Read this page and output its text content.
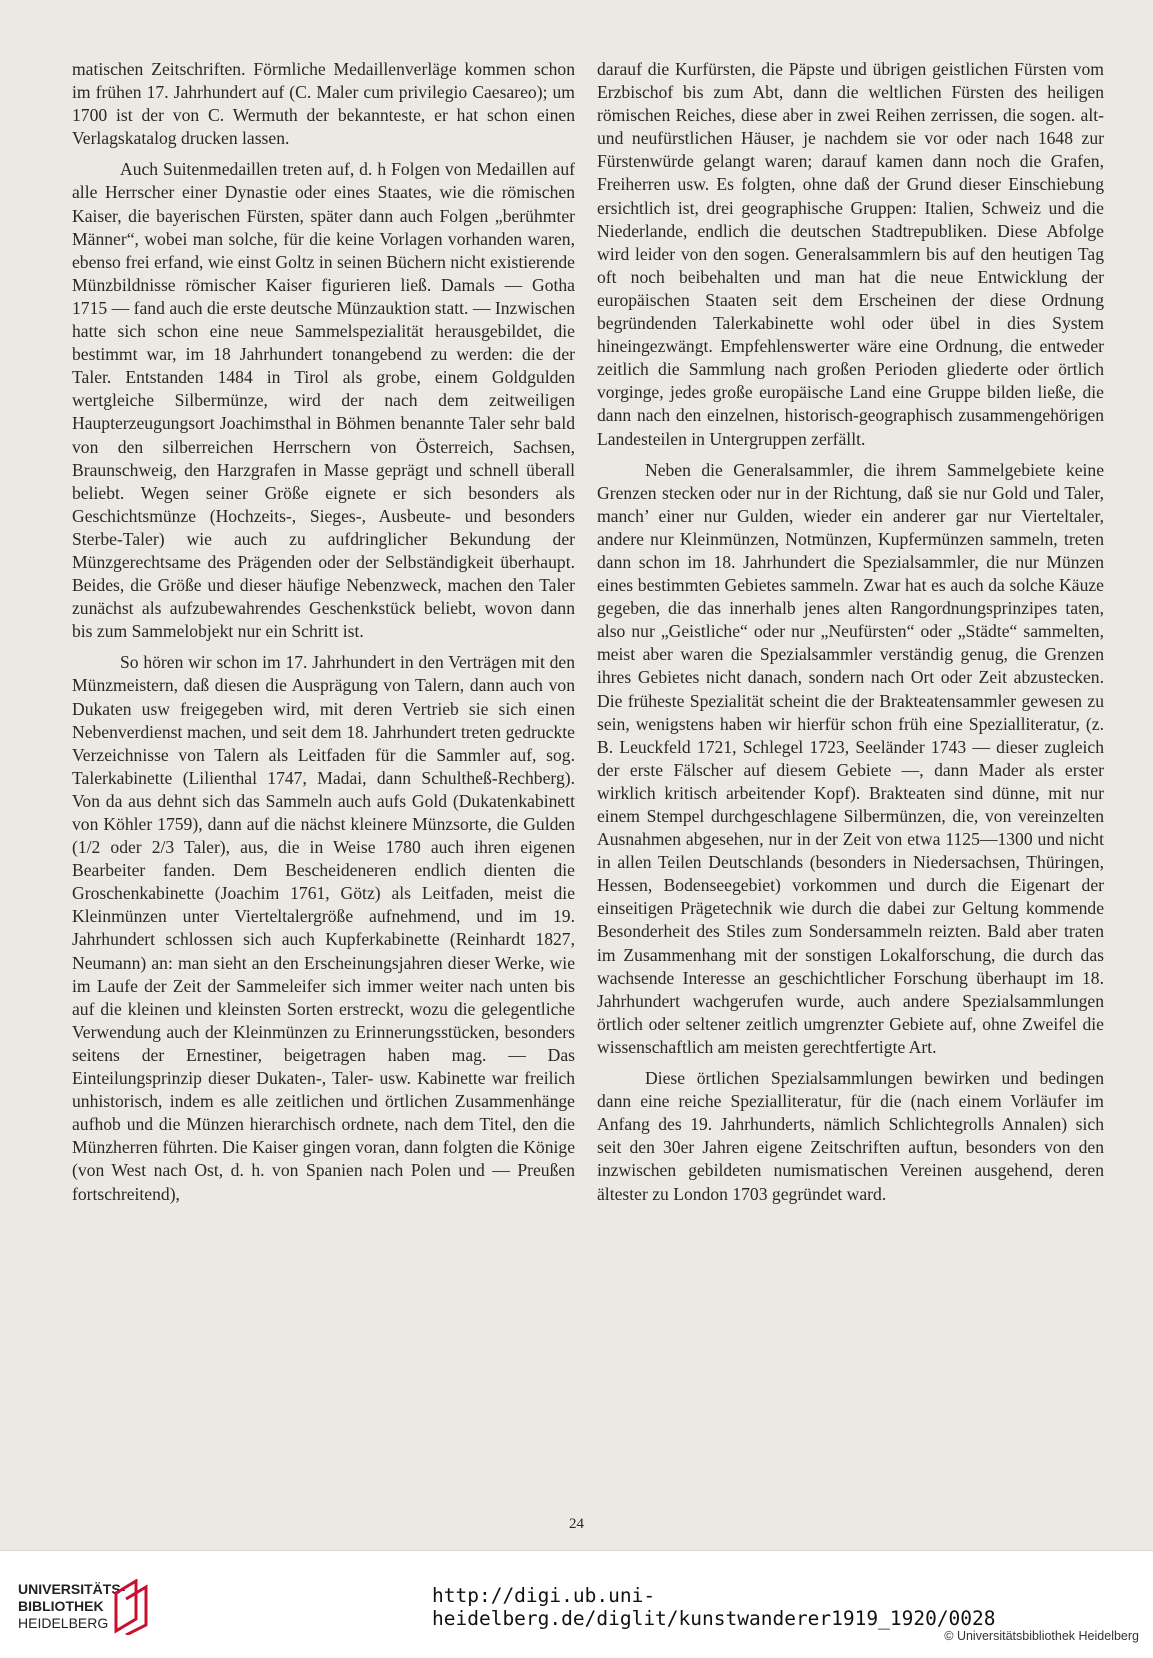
matischen Zeitschriften. Förmliche Medaillenverläge kommen schon im frühen 17. Jahrhundert auf (C. Maler cum privilegio Caesareo); um 1700 ist der von C. Wermuth der bekannteste, er hat schon einen Verlagskatalog drucken lassen.

Auch Suitenmedaillen treten auf, d. h Folgen von Medaillen auf alle Herrscher einer Dynastie oder eines Staates, wie die römischen Kaiser, die bayerischen Fürsten, später dann auch Folgen „berühmter Männer“, wobei man solche, für die keine Vorlagen vorhanden waren, ebenso frei erfand, wie einst Goltz in seinen Büchern nicht existierende Münzbildnisse römischer Kaiser figurieren ließ. Damals — Gotha 1715 — fand auch die erste deutsche Münzauktion statt. — Inzwischen hatte sich schon eine neue Sammelspezialität herausgebildet, die bestimmt war, im 18 Jahrhundert tonangebend zu werden: die der Taler. Entstanden 1484 in Tirol als grobe, einem Goldgulden wertgleiche Silbermünze, wird der nach dem zeitweiligen Haupterzeugungsort Joachimsthal in Böhmen benannte Taler sehr bald von den silberreichen Herrschern von Österreich, Sachsen, Braunschweig, den Harzgrafen in Masse geprägt und schnell überall beliebt. Wegen seiner Größe eignete er sich besonders als Geschichtsmünze (Hochzeits-, Sieges-, Ausbeute- und besonders Sterbe-Taler) wie auch zu aufdringlicher Bekundung der Münzgerechtsame des Prägenden oder der Selbständigkeit überhaupt. Beides, die Größe und dieser häufige Nebenzweck, machen den Taler zunächst als aufzubewahrendes Geschenkstück beliebt, wovon dann bis zum Sammelobjekt nur ein Schritt ist.

So hören wir schon im 17. Jahrhundert in den Verträgen mit den Münzmeistern, daß diesen die Ausprägung von Talern, dann auch von Dukaten usw freigegeben wird, mit deren Vertrieb sie sich einen Nebenverdienst machen, und seit dem 18. Jahrhundert treten gedruckte Verzeichnisse von Talern als Leitfaden für die Sammler auf, sog. Talerkabinette (Lilienthal 1747, Madai, dann Schultheß-Rechberg). Von da aus dehnt sich das Sammeln auch aufs Gold (Dukatenkabinett von Köhler 1759), dann auf die nächst kleinere Münzsorte, die Gulden (1/2 oder 2/3 Taler), aus, die in Weise 1780 auch ihren eigenen Bearbeiter fanden. Dem Bescheideneren endlich dienten die Groschenkabinette (Joachim 1761, Götz) als Leitfaden, meist die Kleinmünzen unter Vierteltalergröße aufnehmend, und im 19. Jahrhundert schlossen sich auch Kupferkabinette (Reinhardt 1827, Neumann) an: man sieht an den Erscheinungsjahren dieser Werke, wie im Laufe der Zeit der Sammeleifer sich immer weiter nach unten bis auf die kleinen und kleinsten Sorten erstreckt, wozu die gelegentliche Verwendung auch der Kleinmünzen zu Erinnerungsstücken, besonders seitens der Ernestiner, beigetragen haben mag. — Das Einteilungsprinzip dieser Dukaten-, Taler- usw. Kabinette war freilich unhistorisch, indem es alle zeitlichen und örtlichen Zusammenhänge aufhob und die Münzen hierarchisch ordnete, nach dem Titel, den die Münzherren führten. Die Kaiser gingen voran, dann folgten die Könige (von West nach Ost, d. h. von Spanien nach Polen und — Preußen fortschreitend),

darauf die Kurfürsten, die Päpste und übrigen geistlichen Fürsten vom Erzbischof bis zum Abt, dann die weltlichen Fürsten des heiligen römischen Reiches, diese aber in zwei Reihen zerrissen, die sogen. alt- und neufürstlichen Häuser, je nachdem sie vor oder nach 1648 zur Fürstenwürde gelangt waren; darauf kamen dann noch die Grafen, Freiherren usw. Es folgten, ohne daß der Grund dieser Einschiebung ersichtlich ist, drei geographische Gruppen: Italien, Schweiz und die Niederlande, endlich die deutschen Stadtrepubliken. Diese Abfolge wird leider von den sogen. Generalsammlern bis auf den heutigen Tag oft noch beibehalten und man hat die neue Entwicklung der europäischen Staaten seit dem Erscheinen der diese Ordnung begründenden Talerkabinette wohl oder übel in dies System hineingezwängt. Empfehlenswerter wäre eine Ordnung, die entweder zeitlich die Sammlung nach großen Perioden gliederte oder örtlich vorginge, jedes große europäische Land eine Gruppe bilden ließe, die dann nach den einzelnen, historisch-geographisch zusammengehörigen Landesteilen in Untergruppen zerfällt.

Neben die Generalsammler, die ihrem Sammelgebiete keine Grenzen stecken oder nur in der Richtung, daß sie nur Gold und Taler, manch’ einer nur Gulden, wieder ein anderer gar nur Vierteltaler, andere nur Kleinmünzen, Notmünzen, Kupfermünzen sammeln, treten dann schon im 18. Jahrhundert die Spezialsammler, die nur Münzen eines bestimmten Gebietes sammeln. Zwar hat es auch da solche Käuze gegeben, die das innerhalb jenes alten Rangordnungsprinzipes taten, also nur „Geistliche“ oder nur „Neufürsten“ oder „Städte“ sammelten, meist aber waren die Spezialsammler verständig genug, die Grenzen ihres Gebietes nicht danach, sondern nach Ort oder Zeit abzustecken. Die früheste Spezialität scheint die der Brakteatensammler gewesen zu sein, wenigstens haben wir hierfür schon früh eine Spezialliteratur, (z. B. Leuckfeld 1721, Schlegel 1723, Seeländer 1743 — dieser zugleich der erste Fälscher auf diesem Gebiete —, dann Mader als erster wirklich kritisch arbeitender Kopf). Brakteaten sind dünne, mit nur einem Stempel durchgeschlagene Silbermünzen, die, von vereinzelten Ausnahmen abgesehen, nur in der Zeit von etwa 1125—1300 und nicht in allen Teilen Deutschlands (besonders in Niedersachsen, Thüringen, Hessen, Bodenseegebiet) vorkommen und durch die Eigenart der einseitigen Prägetechnik wie durch die dabei zur Geltung kommende Besonderheit des Stiles zum Sondersammeln reizten. Bald aber traten im Zusammenhang mit der sonstigen Lokalforschung, die durch das wachsende Interesse an geschichtlicher Forschung überhaupt im 18. Jahrhundert wachgerufen wurde, auch andere Spezialsammlungen örtlich oder seltener zeitlich umgrenzter Gebiete auf, ohne Zweifel die wissenschaftlich am meisten gerechtfertigte Art.

Diese örtlichen Spezialsammlungen bewirken und bedingen dann eine reiche Spezialliteratur, für die (nach einem Vorläufer im Anfang des 19. Jahrhunderts, nämlich Schlichtegrolls Annalen) sich seit den 30er Jahren eigene Zeitschriften auftun, besonders von den inzwischen gebildeten numismatischen Vereinen ausgehend, deren ältester zu London 1703 gegründet ward.

24
UNIVERSITÄTS-
BIBLIOTHEK
HEIDELBERG
http://digi.ub.uni-heidelberg.de/diglit/kunstwanderer1919_1920/0028
© Universitätsbibliothek Heidelberg
